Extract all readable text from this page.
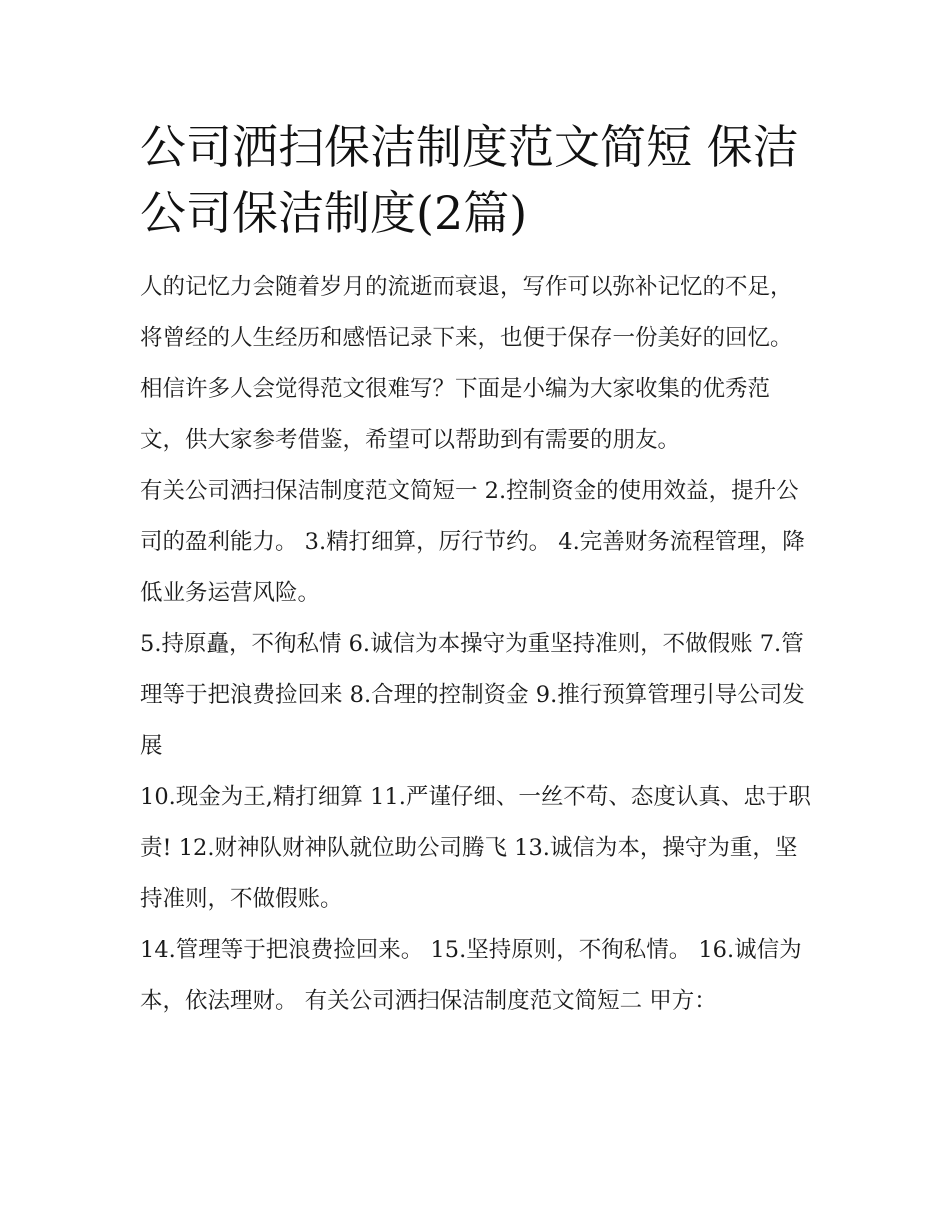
公司洒扫保洁制度范文简短 保洁公司保洁制度(2篇)

人的记忆力会随着岁月的流逝而衰退，写作可以弥补记忆的不足，将曾经的人生经历和感悟记录下来，也便于保存一份美好的回忆。相信许多人会觉得范文很难写？下面是小编为大家收集的优秀范文，供大家参考借鉴，希望可以帮助到有需要的朋友。

有关公司洒扫保洁制度范文简短一 2.控制资金的使用效益，提升公司的盈利能力。 3.精打细算，厉行节约。 4.完善财务流程管理，降低业务运营风险。

5.持原矗，不徇私情 6.诚信为本操守为重坚持准则，不做假账 7.管理等于把浪费捡回来 8.合理的控制资金 9.推行预算管理引导公司发展

10.现金为王,精打细算 11.严谨仔细、一丝不苟、态度认真、忠于职责! 12.财神队财神队就位助公司腾飞 13.诚信为本，操守为重，坚持准则，不做假账。

14.管理等于把浪费捡回来。 15.坚持原则，不徇私情。 16.诚信为本，依法理财。 有关公司洒扫保洁制度范文简短二 甲方：
